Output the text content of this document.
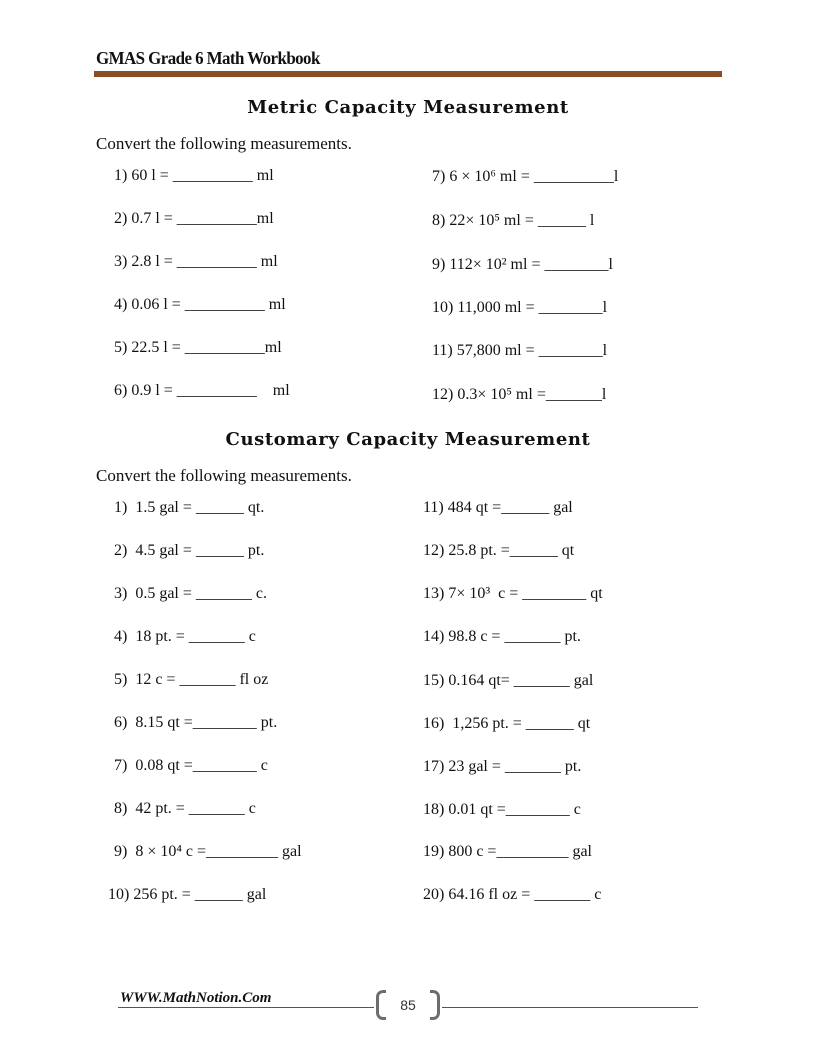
GMAS Grade 6 Math Workbook
Metric Capacity Measurement
Convert the following measurements.
1) 60 l = __________ ml
2) 0.7 l = __________ml
3) 2.8 l = __________ ml
4) 0.06 l = __________ ml
5) 22.5 l = __________ml
6) 0.9 l = __________    ml
7) 6 × 10⁶ ml = __________l
8) 22× 10⁵ ml = ______ l
9) 112× 10² ml = ________l
10) 11,000 ml = ________l
11) 57,800 ml = ________l
12) 0.3× 10⁵ ml =_______l
Customary Capacity Measurement
Convert the following measurements.
1)  1.5 gal = ______ qt.
2)  4.5 gal = ______ pt.
3)  0.5 gal = _______ c.
4)  18 pt. = _______ c
5)  12 c = _______ fl oz
6)  8.15 qt =________ pt.
7)  0.08 qt =________ c
8)  42 pt. = _______ c
9)  8 × 10⁴ c =_________ gal
10) 256 pt. = ______ gal
11) 484 qt =______ gal
12) 25.8 pt. =______ qt
13) 7× 10³  c = ________ qt
14) 98.8 c = _______ pt.
15) 0.164 qt= _______ gal
16)  1,256 pt. = ______ qt
17) 23 gal = _______ pt.
18) 0.01 qt =________ c
19) 800 c =_________ gal
20) 64.16 fl oz = _______ c
WWW.MathNotion.Com	85
